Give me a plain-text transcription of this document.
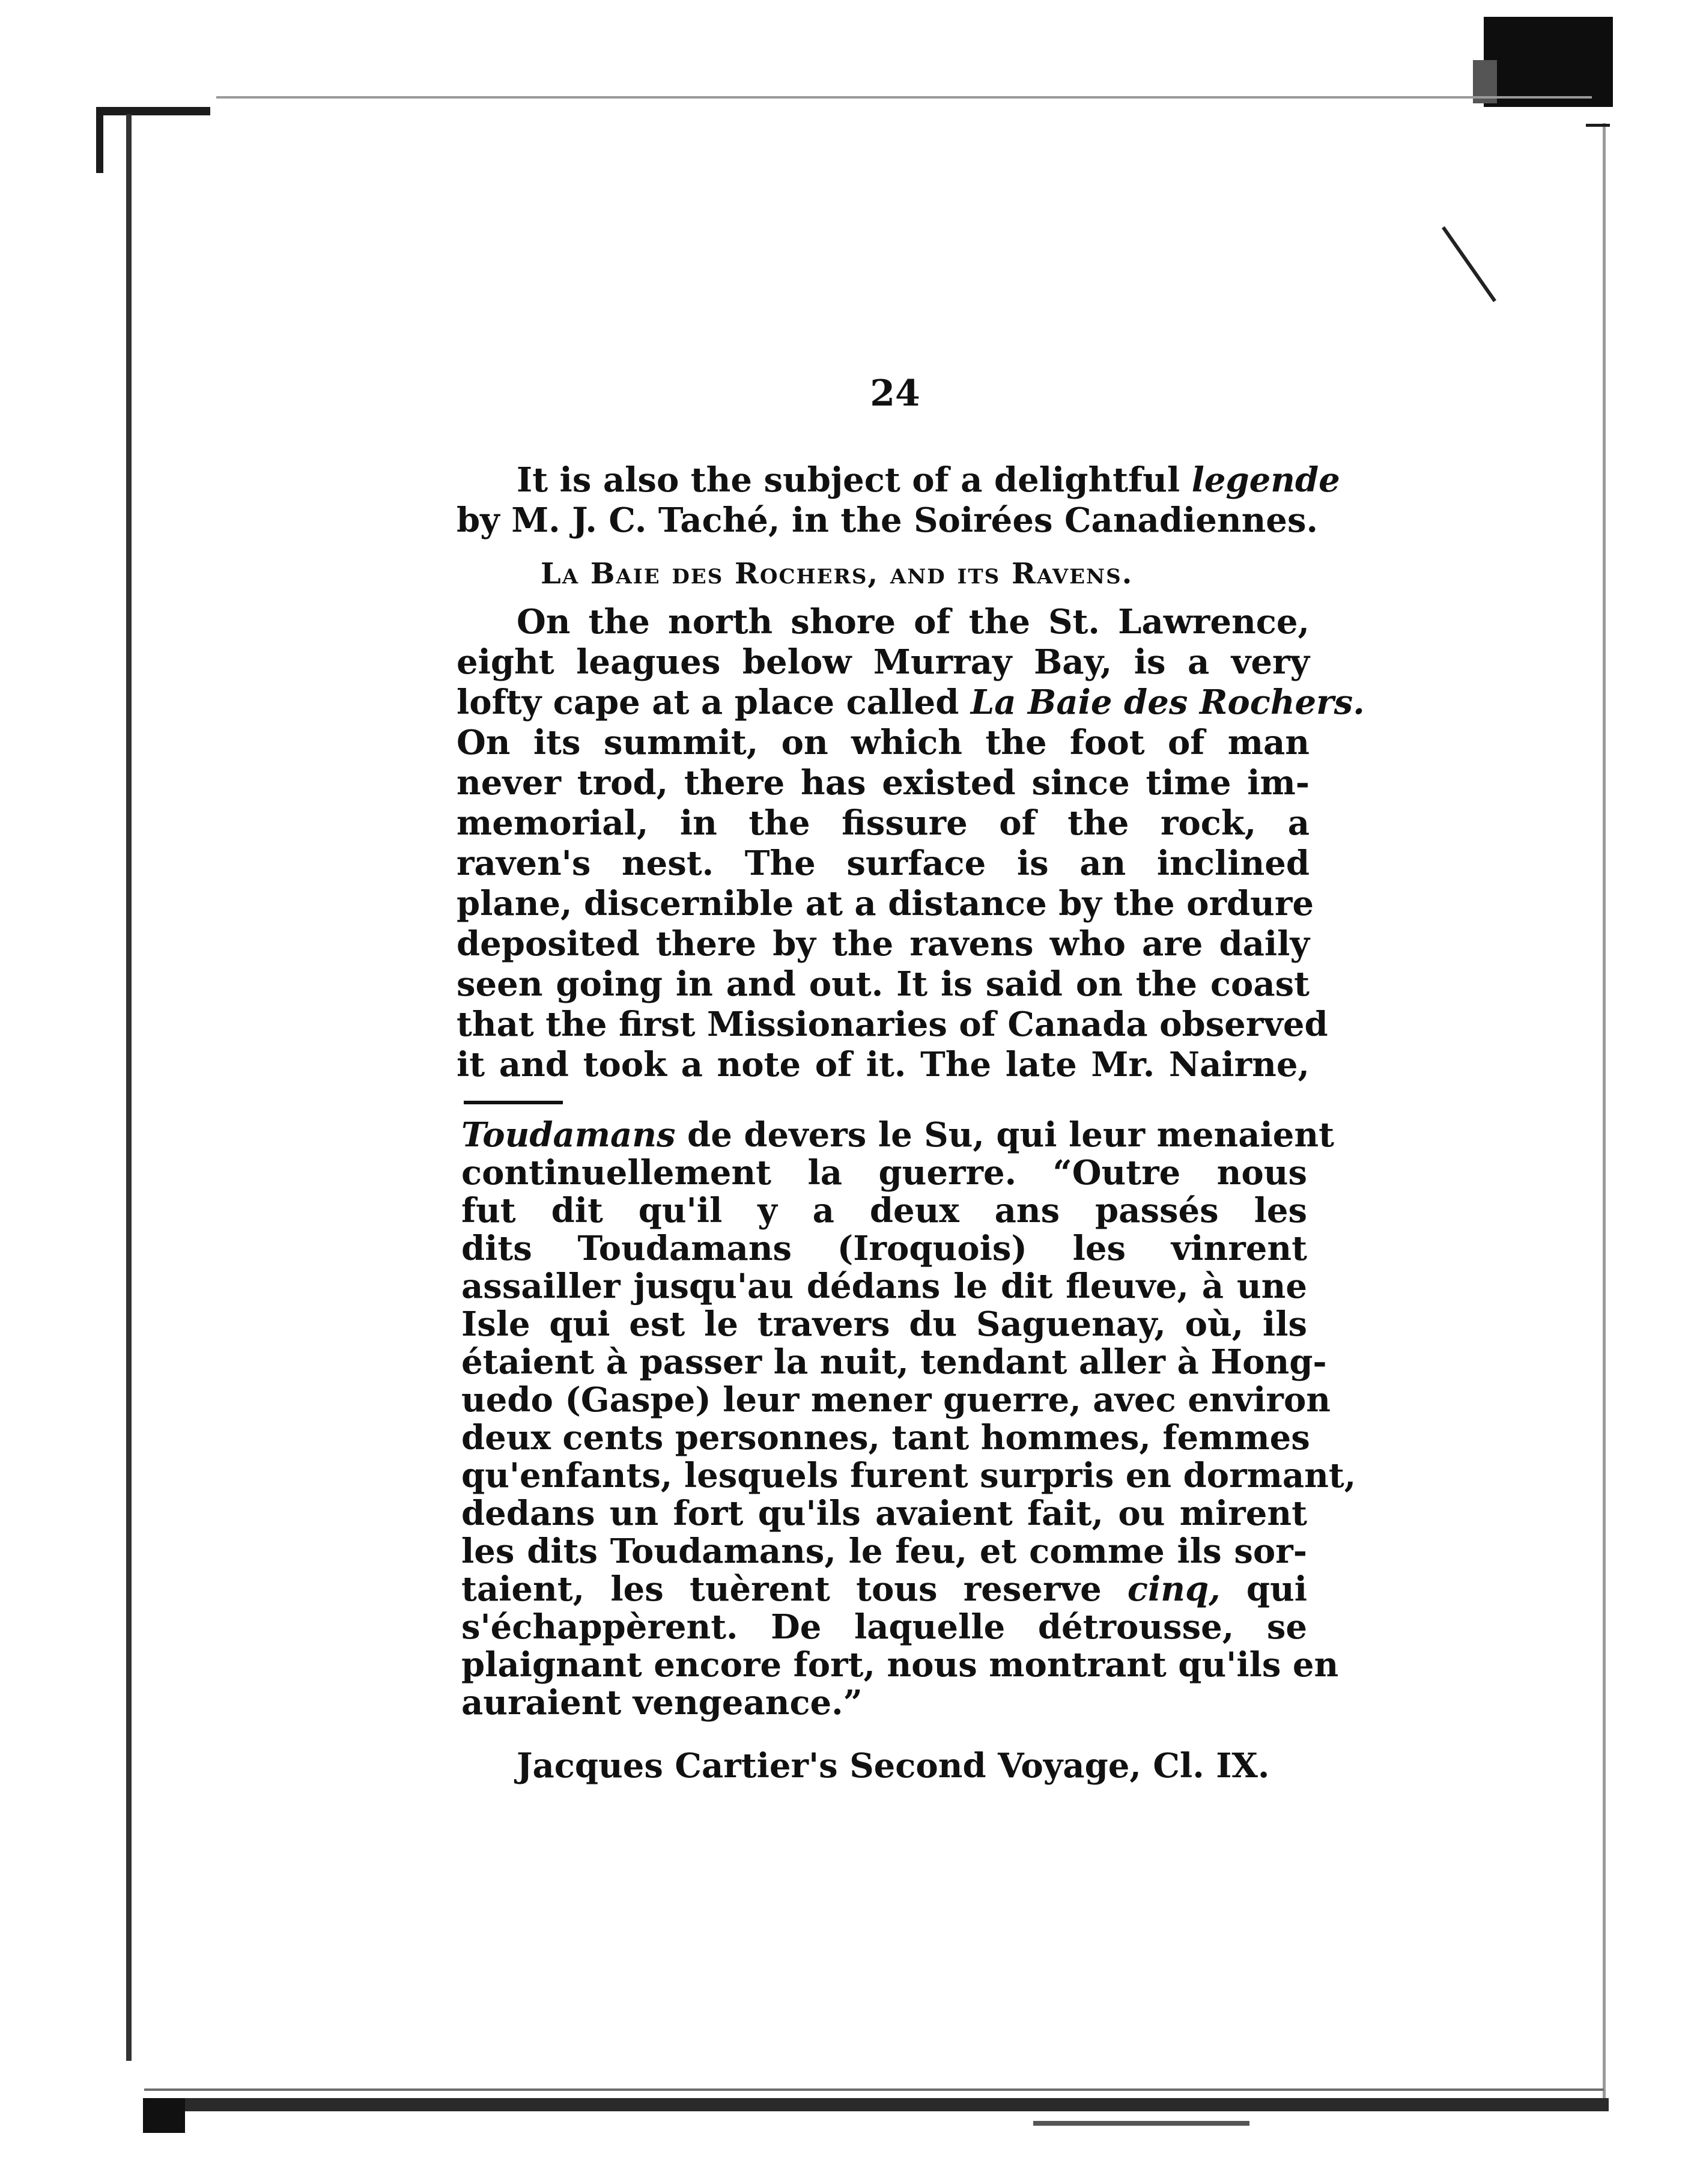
24
It is also the subject of a delightful legende
by M. J. C. Taché, in the Soirées Canadiennes.
La Baie des Rochers, and its Ravens.
On the north shore of the St. Lawrence,
eight leagues below Murray Bay, is a very
lofty cape at a place called La Baie des Rochers.
On its summit, on which the foot of man
never trod, there has existed since time im-
memorial, in the fissure of the rock, a
raven's nest. The surface is an inclined
plane, discernible at a distance by the ordure
deposited there by the ravens who are daily
seen going in and out. It is said on the coast
that the first Missionaries of Canada observed
it and took a note of it. The late Mr. Nairne,
Toudamans de devers le Su, qui leur menaient
continuellement la guerre. “Outre nous
fut dit qu'il y a deux ans passés les
dits Toudamans (Iroquois) les vinrent
assailler jusqu'au dédans le dit fleuve, à une
Isle qui est le travers du Saguenay, où, ils
étaient à passer la nuit, tendant aller à Hong-
uedo (Gaspe) leur mener guerre, avec environ
deux cents personnes, tant hommes, femmes
qu'enfants, lesquels furent surpris en dormant,
dedans un fort qu'ils avaient fait, ou mirent
les dits Toudamans, le feu, et comme ils sor-
taient, les tuèrent tous reserve cinq, qui
s'échappèrent. De laquelle détrousse, se
plaignant encore fort, nous montrant qu'ils en
auraient vengeance.”
Jacques Cartier's Second Voyage, Cl. IX.
